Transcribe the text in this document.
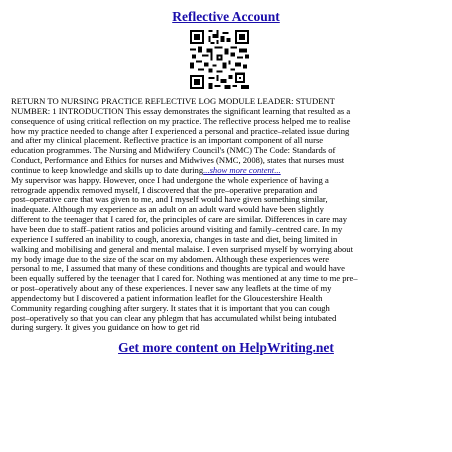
Reflective Account
RETURN TO NURSING PRACTICE REFLECTIVE LOG MODULE LEADER: STUDENT
NUMBER: 1 INTRODUCTION This essay demonstrates the significant learning that resulted as a
consequence of using critical reflection on my practice. The reflective process helped me to realise
how my practice needed to change after I experienced a personal and practice–related issue during
and after my clinical placement. Reflective practice is an important component of all nurse
education programmes. The Nursing and Midwifery Council's (NMC) The Code: Standards of
Conduct, Performance and Ethics for nurses and Midwives (NMC, 2008), states that nurses must
continue to keep knowledge and skills up to date during...show more content...
My supervisor was happy. However, once I had undergone the whole experience of having a
retrograde appendix removed myself, I discovered that the pre–operative preparation and
post–operative care that was given to me, and I myself would have given something similar,
inadequate. Although my experience as an adult on an adult ward would have been slightly
different to the teenager that I cared for, the principles of care are similar. Differences in care may
have been due to staff–patient ratios and policies around visiting and family–centred care. In my
experience I suffered an inability to cough, anorexia, changes in taste and diet, being limited in
walking and mobilising and general and mental malaise. I even surprised myself by worrying about
my body image due to the size of the scar on my abdomen. Although these experiences were
personal to me, I assumed that many of these conditions and thoughts are typical and would have
been equally suffered by the teenager that I cared for. Nothing was mentioned at any time to me pre–
or post–operatively about any of these experiences. I never saw any leaflets at the time of my
appendectomy but I discovered a patient information leaflet for the Gloucestershire Health
Community regarding coughing after surgery. It states that it is important that you can cough
post–operatively so that you can clear any phlegm that has accumulated whilst being intubated
during surgery. It gives you guidance on how to get rid
Get more content on HelpWriting.net
